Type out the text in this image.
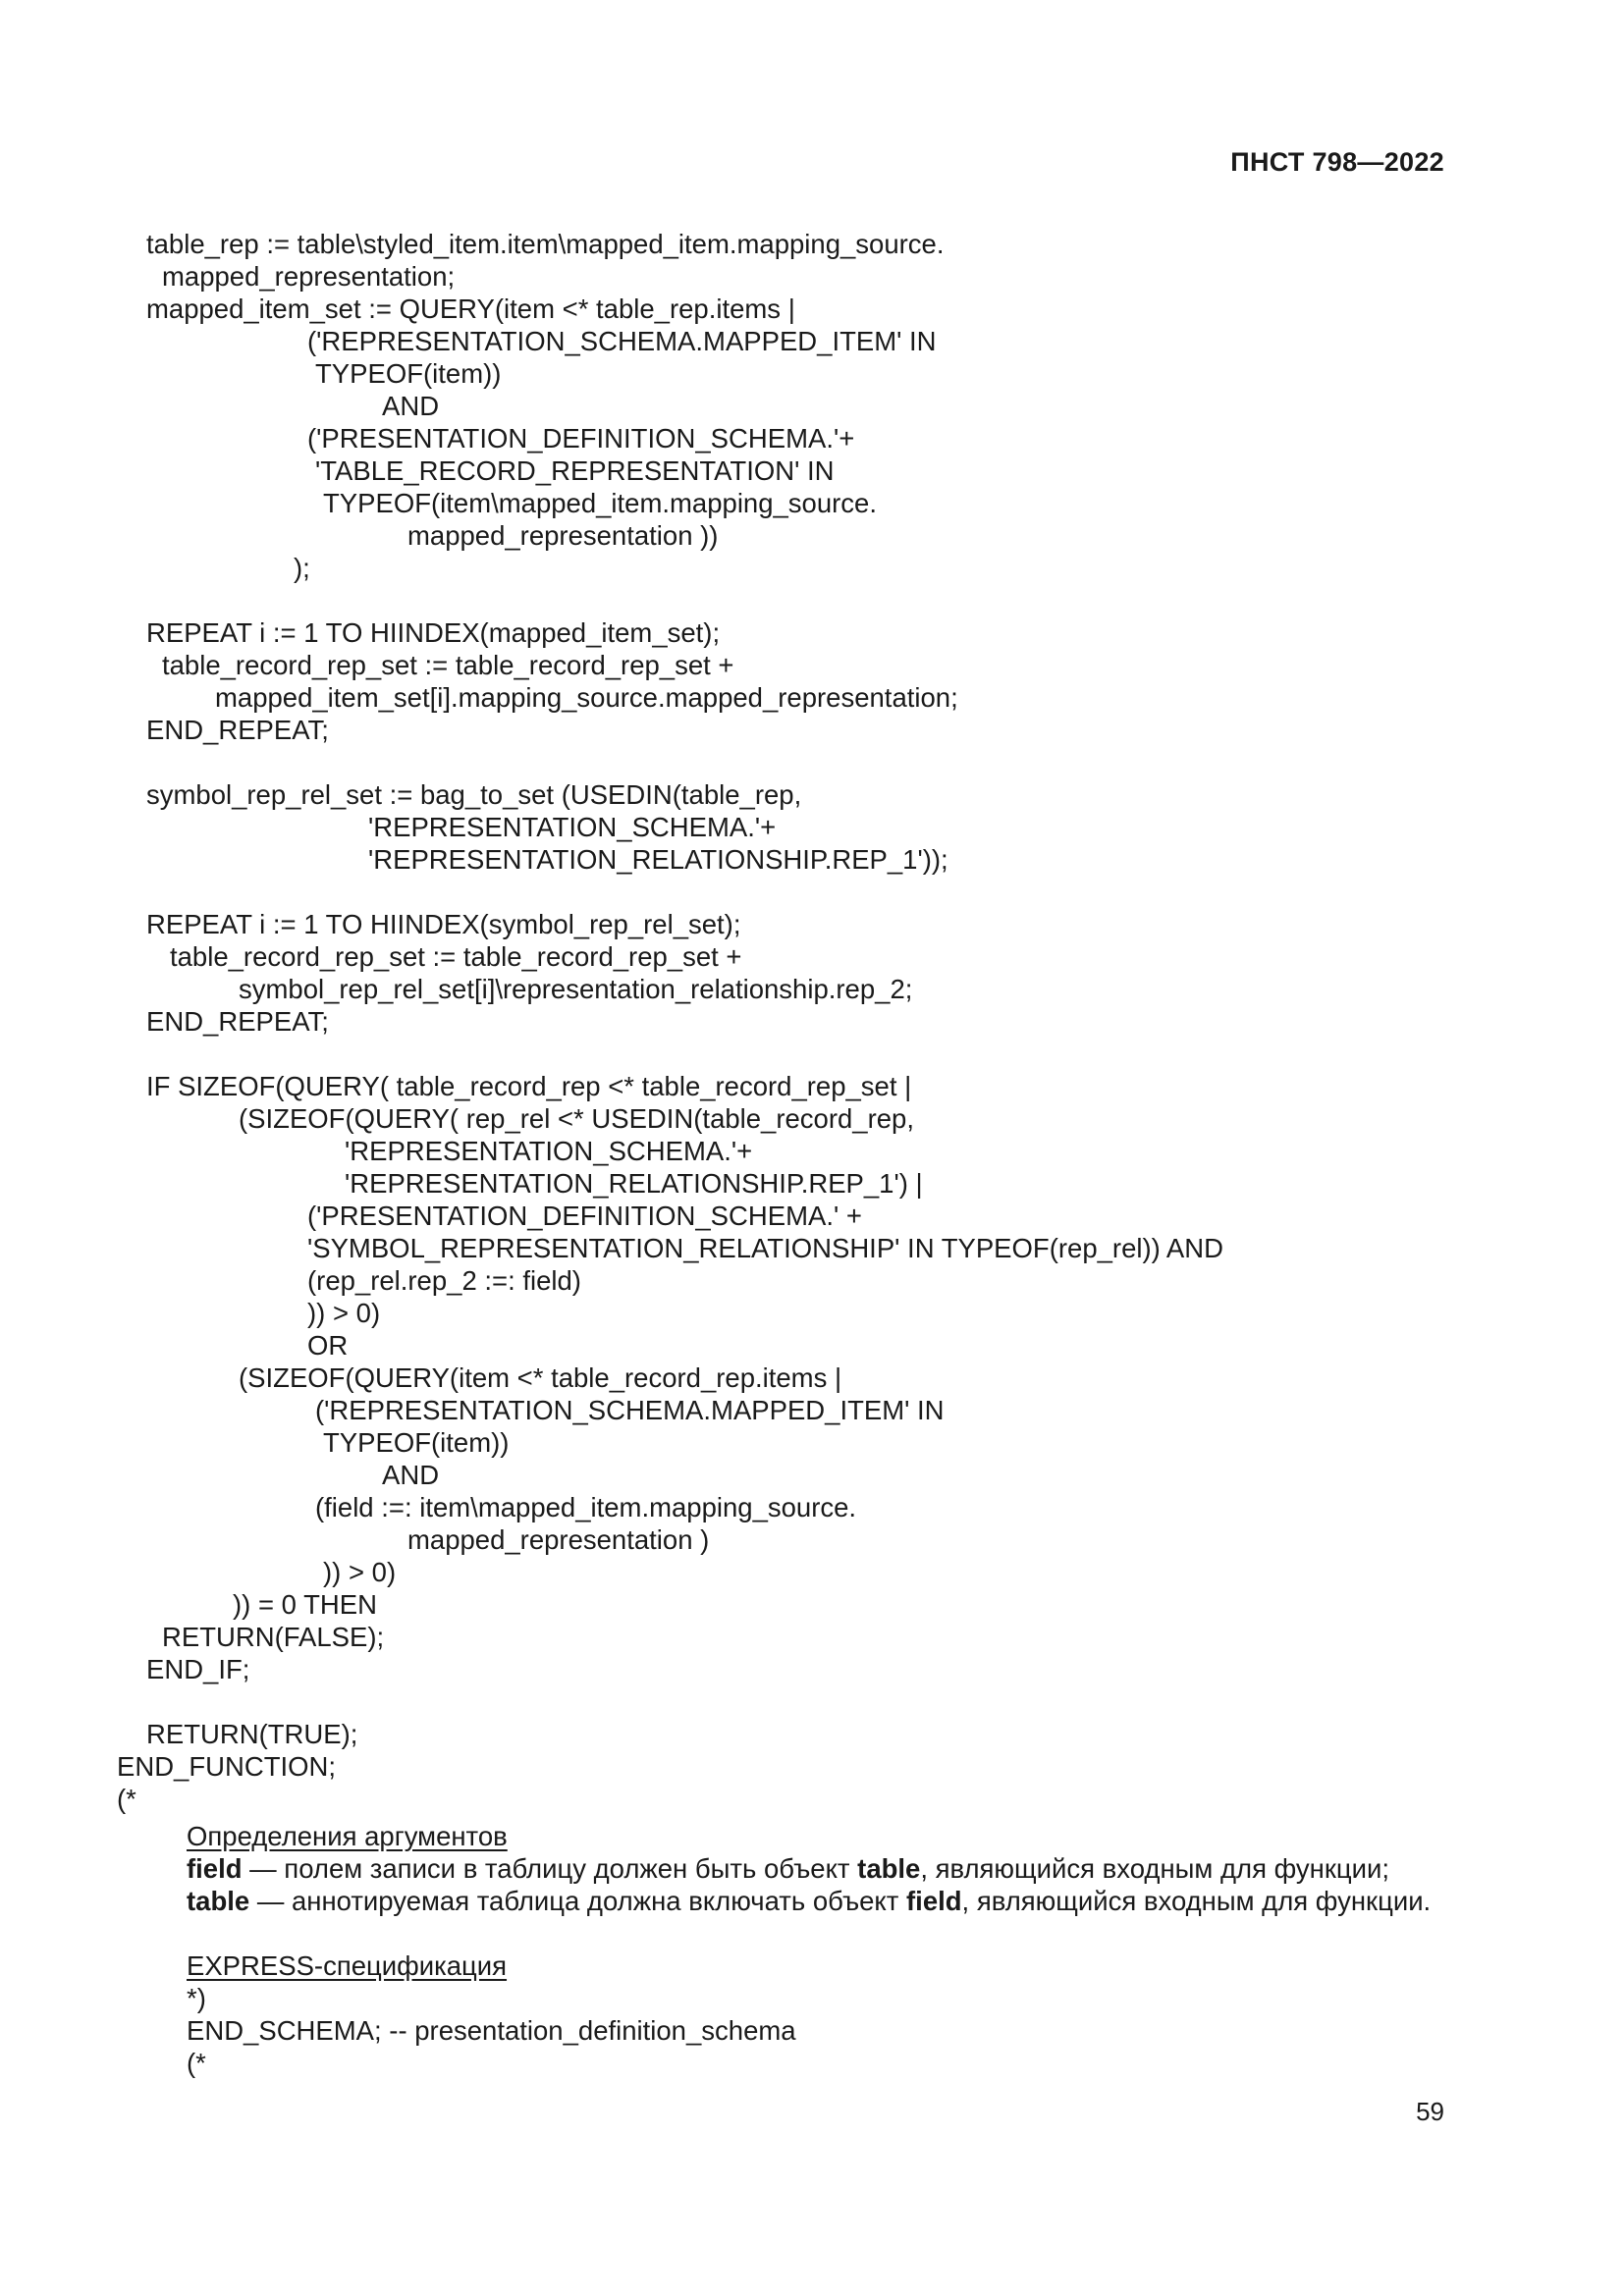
ПНСТ 798—2022
table_rep := table\styled_item.item\mapped_item.mapping_source.
mapped_representation;
mapped_item_set := QUERY(item <* table_rep.items |
('REPRESENTATION_SCHEMA.MAPPED_ITEM' IN
TYPEOF(item))
AND
('PRESENTATION_DEFINITION_SCHEMA.'+
'TABLE_RECORD_REPRESENTATION' IN
TYPEOF(item\mapped_item.mapping_source.
mapped_representation ))
);
REPEAT i := 1 TO HIINDEX(mapped_item_set);
table_record_rep_set := table_record_rep_set +
mapped_item_set[i].mapping_source.mapped_representation;
END_REPEAT;
symbol_rep_rel_set := bag_to_set (USEDIN(table_rep,
'REPRESENTATION_SCHEMA.'+
'REPRESENTATION_RELATIONSHIP.REP_1'));
REPEAT i := 1 TO HIINDEX(symbol_rep_rel_set);
table_record_rep_set := table_record_rep_set +
symbol_rep_rel_set[i]\representation_relationship.rep_2;
END_REPEAT;
IF SIZEOF(QUERY( table_record_rep <* table_record_rep_set |
(SIZEOF(QUERY( rep_rel <* USEDIN(table_record_rep,
'REPRESENTATION_SCHEMA.'+
'REPRESENTATION_RELATIONSHIP.REP_1') |
('PRESENTATION_DEFINITION_SCHEMA.' +
'SYMBOL_REPRESENTATION_RELATIONSHIP' IN TYPEOF(rep_rel)) AND
(rep_rel.rep_2 :=: field)
)) > 0)
OR
(SIZEOF(QUERY(item <* table_record_rep.items |
('REPRESENTATION_SCHEMA.MAPPED_ITEM' IN
TYPEOF(item))
AND
(field :=: item\mapped_item.mapping_source.
mapped_representation )
)) > 0)
)) = 0 THEN
RETURN(FALSE);
END_IF;
RETURN(TRUE);
END_FUNCTION;
(*
Определения аргументов
field — полем записи в таблицу должен быть объект table, являющийся входным для функции;
table — аннотируемая таблица должна включать объект field, являющийся входным для функции.
EXPRESS-спецификация
*)
END_SCHEMA; -- presentation_definition_schema
(*
59
